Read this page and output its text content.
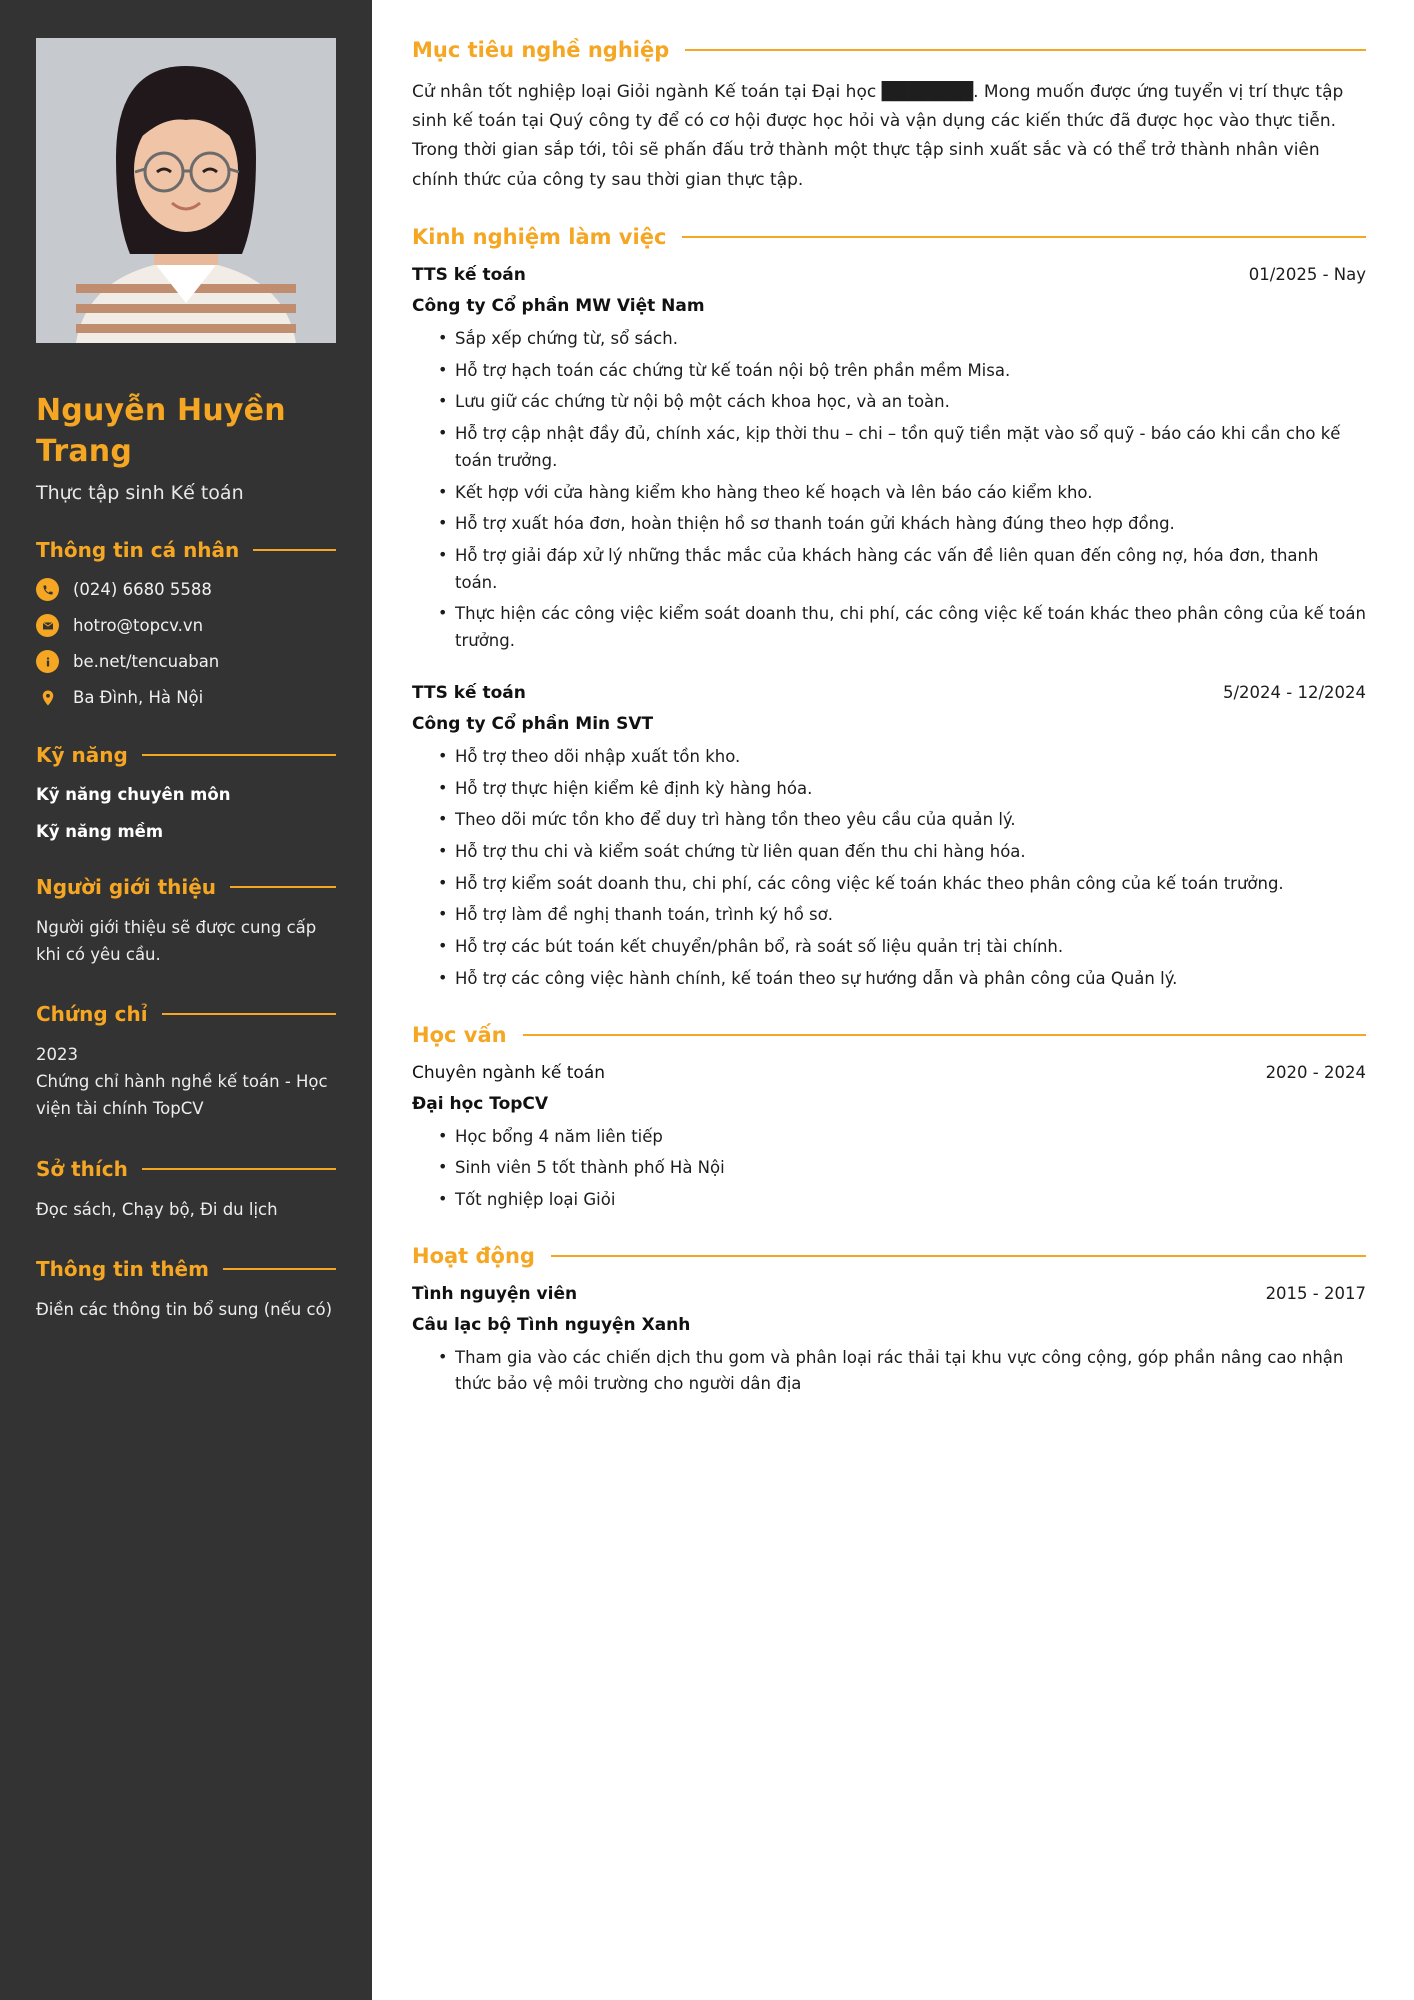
Nguyễn Huyền Trang
Thực tập sinh Kế toán
Thông tin cá nhân
(024) 6680 5588
hotro@topcv.vn
be.net/tencuaban
Ba Đình, Hà Nội
Kỹ năng
Kỹ năng chuyên môn
Kỹ năng mềm
Người giới thiệu

Người giới thiệu sẽ được cung cấp khi có yêu cầu.

Chứng chỉ
2023

Chứng chỉ hành nghề kế toán - Học viện tài chính TopCV

Sở thích

Đọc sách, Chạy bộ, Đi du lịch

Thông tin thêm

Điền các thông tin bổ sung (nếu có)

Mục tiêu nghề nghiệp

Cử nhân tốt nghiệp loại Giỏi ngành Kế toán tại Đại học ███████. Mong muốn được ứng tuyển vị trí thực tập sinh kế toán tại Quý công ty để có cơ hội được học hỏi và vận dụng các kiến thức đã được học vào thực tiễn. Trong thời gian sắp tới, tôi sẽ phấn đấu trở thành một thực tập sinh xuất sắc và có thể trở thành nhân viên chính thức của công ty sau thời gian thực tập.

Kinh nghiệm làm việc
TTS kế toán	01/2025 - Nay
Công ty Cổ phần MW Việt Nam
• Sắp xếp chứng từ, sổ sách.
• Hỗ trợ hạch toán các chứng từ kế toán nội bộ trên phần mềm Misa.
• Lưu giữ các chứng từ nội bộ một cách khoa học, và an toàn.
• Hỗ trợ cập nhật đầy đủ, chính xác, kịp thời thu – chi – tồn quỹ tiền mặt vào sổ quỹ - báo cáo khi cần cho kế toán trưởng.
• Kết hợp với cửa hàng kiểm kho hàng theo kế hoạch và lên báo cáo kiểm kho.
• Hỗ trợ xuất hóa đơn, hoàn thiện hồ sơ thanh toán gửi khách hàng đúng theo hợp đồng.
• Hỗ trợ giải đáp xử lý những thắc mắc của khách hàng các vấn đề liên quan đến công nợ, hóa đơn, thanh toán.
• Thực hiện các công việc kiểm soát doanh thu, chi phí, các công việc kế toán khác theo phân công của kế toán trưởng.
TTS kế toán	5/2024 - 12/2024
Công ty Cổ phần Min SVT
• Hỗ trợ theo dõi nhập xuất tồn kho.
• Hỗ trợ thực hiện kiểm kê định kỳ hàng hóa.
• Theo dõi mức tồn kho để duy trì hàng tồn theo yêu cầu của quản lý.
• Hỗ trợ thu chi và kiểm soát chứng từ liên quan đến thu chi hàng hóa.
• Hỗ trợ kiểm soát doanh thu, chi phí, các công việc kế toán khác theo phân công của kế toán trưởng.
• Hỗ trợ làm đề nghị thanh toán, trình ký hồ sơ.
• Hỗ trợ các bút toán kết chuyển/phân bổ, rà soát số liệu quản trị tài chính.
• Hỗ trợ các công việc hành chính, kế toán theo sự hướng dẫn và phân công của Quản lý.
Học vấn
Chuyên ngành kế toán	2020 - 2024
Đại học TopCV
• Học bổng 4 năm liên tiếp
• Sinh viên 5 tốt thành phố Hà Nội
• Tốt nghiệp loại Giỏi
Hoạt động
Tình nguyện viên	2015 - 2017
Câu lạc bộ Tình nguyện Xanh
• Tham gia vào các chiến dịch thu gom và phân loại rác thải tại khu vực công cộng, góp phần nâng cao nhận thức bảo vệ môi trường cho người dân địa
